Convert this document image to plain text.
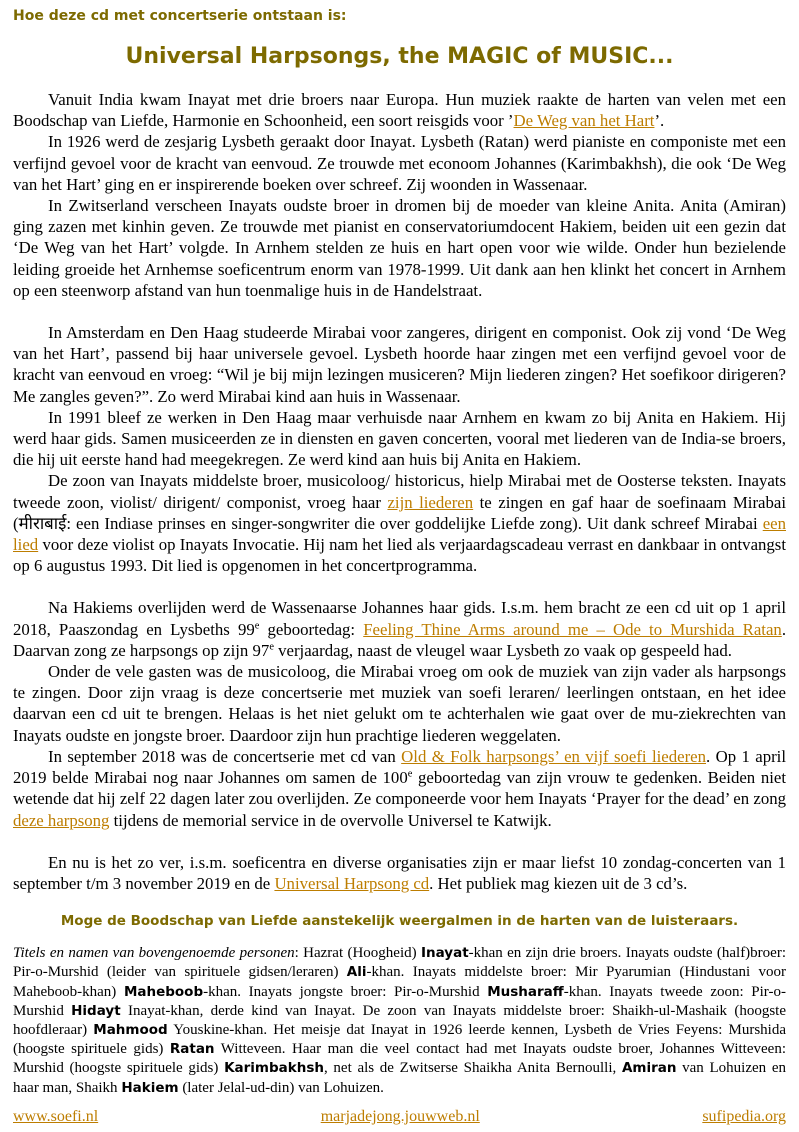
Hoe deze cd met concertserie ontstaan is:
Universal Harpsongs, the MAGIC of MUSIC...

Vanuit India kwam Inayat met drie broers naar Europa. Hun muziek raakte de harten van velen met een Boodschap van Liefde, Harmonie en Schoonheid, een soort reisgids voor ’De Weg van het Hart’.

In 1926 werd de zesjarig Lysbeth geraakt door Inayat. Lysbeth (Ratan) werd pianiste en componiste met een verfijnd gevoel voor de kracht van eenvoud. Ze trouwde met econoom Johannes (Karimbakhsh), die ook ‘De Weg van het Hart’ ging en er inspirerende boeken over schreef. Zij woonden in Wassenaar.

In Zwitserland verscheen Inayats oudste broer in dromen bij de moeder van kleine Anita. Anita (Amiran) ging zazen met kinhin geven. Ze trouwde met pianist en conservatoriumdocent Hakiem, beiden uit een gezin dat ‘De Weg van het Hart’ volgde. In Arnhem stelden ze huis en hart open voor wie wilde. Onder hun bezielende leiding groeide het Arnhemse soeficentrum enorm van 1978-1999. Uit dank aan hen klinkt het concert in Arnhem op een steenworp afstand van hun toenmalige huis in de Handelstraat.

In Amsterdam en Den Haag studeerde Mirabai voor zangeres, dirigent en componist. Ook zij vond ‘De Weg van het Hart’, passend bij haar universele gevoel. Lysbeth hoorde haar zingen met een verfijnd gevoel voor de kracht van eenvoud en vroeg: “Wil je bij mijn lezingen musiceren? Mijn liederen zingen? Het soefikoor dirigeren? Me zangles geven?”. Zo werd Mirabai kind aan huis in Wassenaar.

In 1991 bleef ze werken in Den Haag maar verhuisde naar Arnhem en kwam zo bij Anita en Hakiem. Hij werd haar gids. Samen musiceerden ze in diensten en gaven concerten, vooral met liederen van de India-se broers, die hij uit eerste hand had meegekregen. Ze werd kind aan huis bij Anita en Hakiem.

De zoon van Inayats middelste broer, musicoloog/ historicus, hielp Mirabai met de Oosterse teksten. Inayats tweede zoon, violist/ dirigent/ componist, vroeg haar zijn liederen te zingen en gaf haar de soefinaam Mirabai (मीराबाई: een Indiase prinses en singer-songwriter die over goddelijke Liefde zong). Uit dank schreef Mirabai een lied voor deze violist op Inayats Invocatie. Hij nam het lied als verjaardagscadeau verrast en dankbaar in ontvangst op 6 augustus 1993. Dit lied is opgenomen in het concertprogramma.

Na Hakiems overlijden werd de Wassenaarse Johannes haar gids. I.s.m. hem bracht ze een cd uit op 1 april 2018, Paaszondag en Lysbeths 99e geboortedag: Feeling Thine Arms around me – Ode to Murshida Ratan. Daarvan zong ze harpsongs op zijn 97e verjaardag, naast de vleugel waar Lysbeth zo vaak op gespeeld had.

Onder de vele gasten was de musicoloog, die Mirabai vroeg om ook de muziek van zijn vader als harpsongs te zingen. Door zijn vraag is deze concertserie met muziek van soefi leraren/ leerlingen ontstaan, en het idee daarvan een cd uit te brengen. Helaas is het niet gelukt om te achterhalen wie gaat over de mu-ziekrechten van Inayats oudste en jongste broer. Daardoor zijn hun prachtige liederen weggelaten.

In september 2018 was de concertserie met cd van Old & Folk harpsongs’ en vijf soefi liederen. Op 1 april 2019 belde Mirabai nog naar Johannes om samen de 100e geboortedag van zijn vrouw te gedenken. Beiden niet wetende dat hij zelf 22 dagen later zou overlijden. Ze componeerde voor hem Inayats ‘Prayer for the dead’ en zong deze harpsong tijdens de memorial service in de overvolle Universel te Katwijk.

En nu is het zo ver, i.s.m. soeficentra en diverse organisaties zijn er maar liefst 10 zondag-concerten van 1 september t/m 3 november 2019 en de Universal Harpsong cd. Het publiek mag kiezen uit de 3 cd’s.

Moge de Boodschap van Liefde aanstekelijk weergalmen in de harten van de luisteraars.

Titels en namen van bovengenoemde personen: Hazrat (Hoogheid) Inayat-khan en zijn drie broers. Inayats oudste (half)broer: Pir-o-Murshid (leider van spirituele gidsen/leraren) Ali-khan. Inayats middelste broer: Mir Pyarumian (Hindustani voor Maheboob-khan) Maheboob-khan. Inayats jongste broer: Pir-o-Murshid Musharaff-khan. Inayats tweede zoon: Pir-o-Murshid Hidayt Inayat-khan, derde kind van Inayat. De zoon van Inayats middelste broer: Shaikh-ul-Mashaik (hoogste hoofdleraar) Mahmood Youskine-khan. Het meisje dat Inayat in 1926 leerde kennen, Lysbeth de Vries Feyens: Murshida (hoogste spirituele gids) Ratan Witteveen. Haar man die veel contact had met Inayats oudste broer, Johannes Witteveen: Murshid (hoogste spirituele gids) Karimbakhsh, net als de Zwitserse Shaikha Anita Bernoulli, Amiran van Lohuizen en haar man, Shaikh Hakiem (later Jelal-ud-din) van Lohuizen.

www.soefi.nl	marjadejong.jouwweb.nl	sufipedia.org
